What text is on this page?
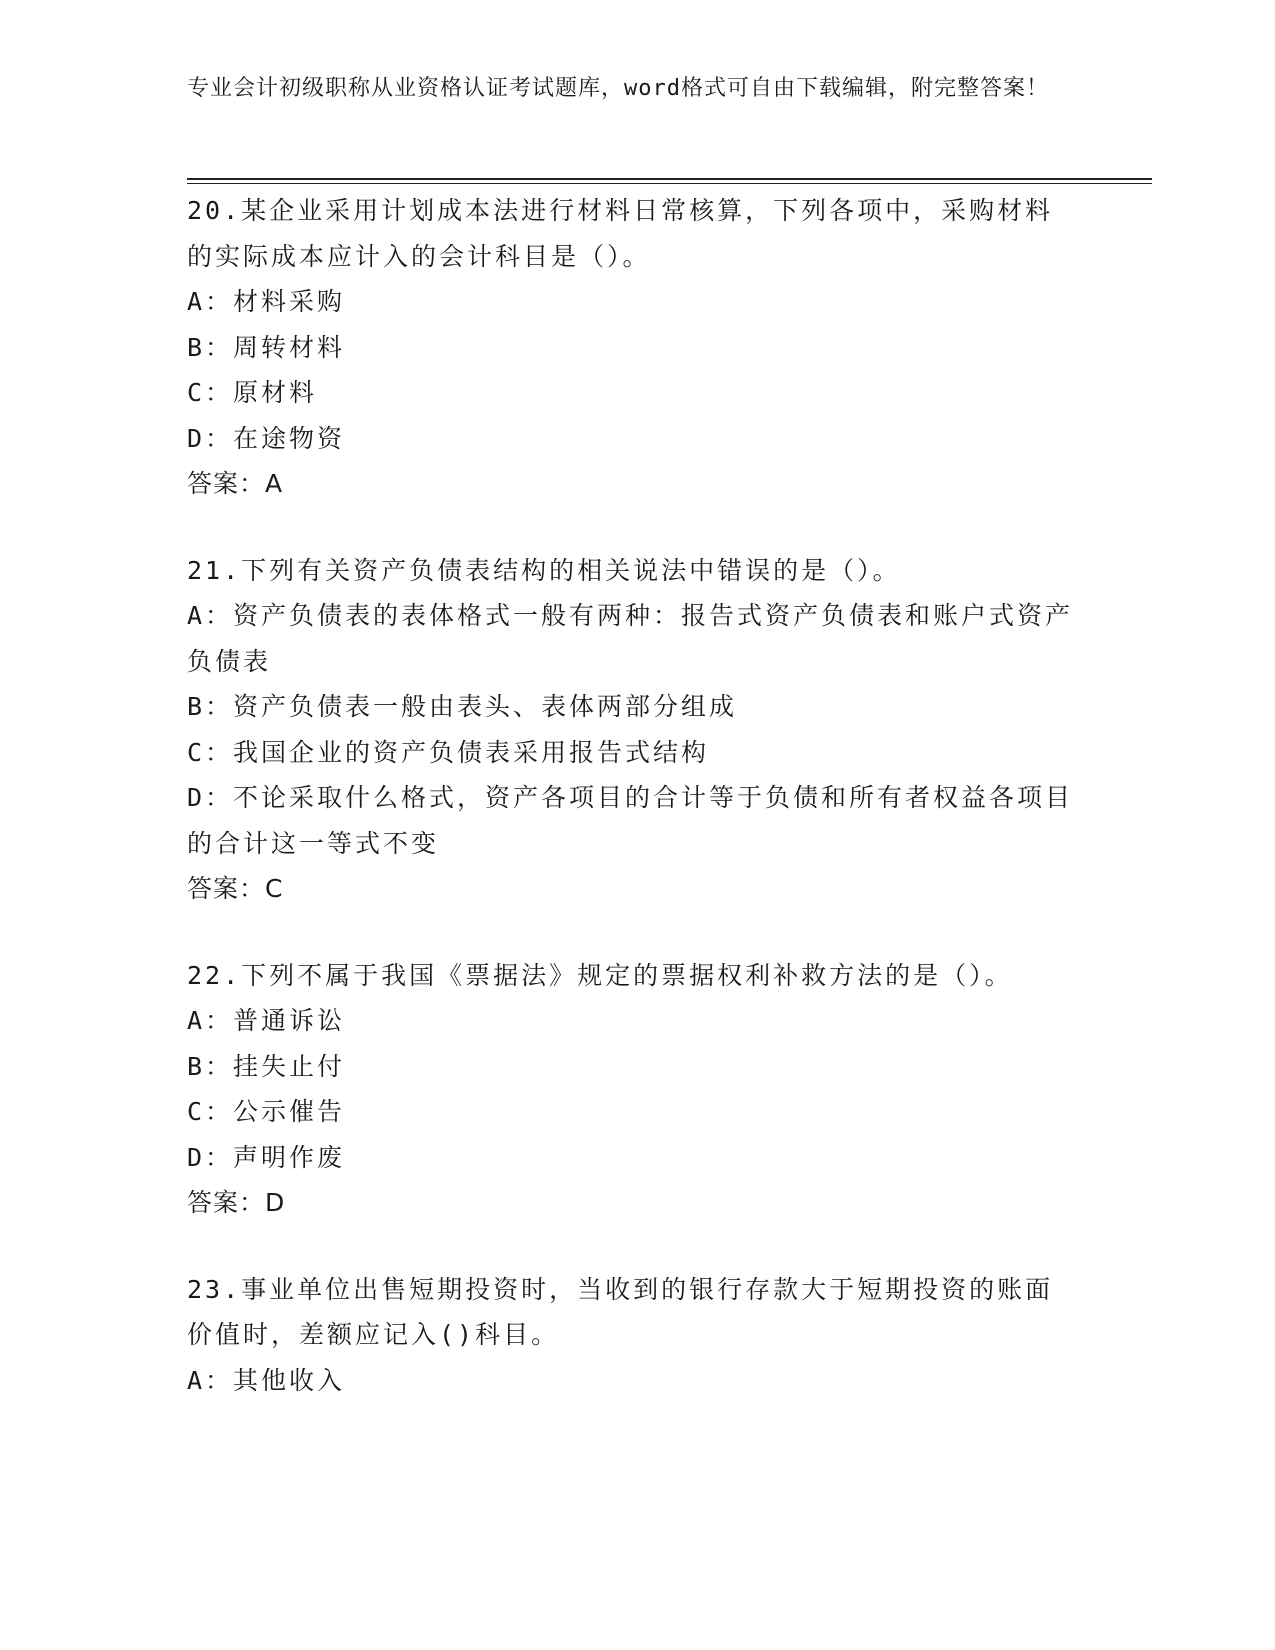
专业会计初级职称从业资格认证考试题库，word格式可自由下载编辑，附完整答案！
20.某企业采用计划成本法进行材料日常核算，下列各项中，采购材料的实际成本应计入的会计科目是（）。
A：材料采购
B：周转材料
C：原材料
D：在途物资
答案：A
21.下列有关资产负债表结构的相关说法中错误的是（）。
A：资产负债表的表体格式一般有两种：报告式资产负债表和账户式资产负债表
B：资产负债表一般由表头、表体两部分组成
C：我国企业的资产负债表采用报告式结构
D：不论采取什么格式，资产各项目的合计等于负债和所有者权益各项目的合计这一等式不变
答案：C
22.下列不属于我国《票据法》规定的票据权利补救方法的是（）。
A：普通诉讼
B：挂失止付
C：公示催告
D：声明作废
答案：D
23.事业单位出售短期投资时，当收到的银行存款大于短期投资的账面价值时，差额应记入()科目。
A：其他收入
